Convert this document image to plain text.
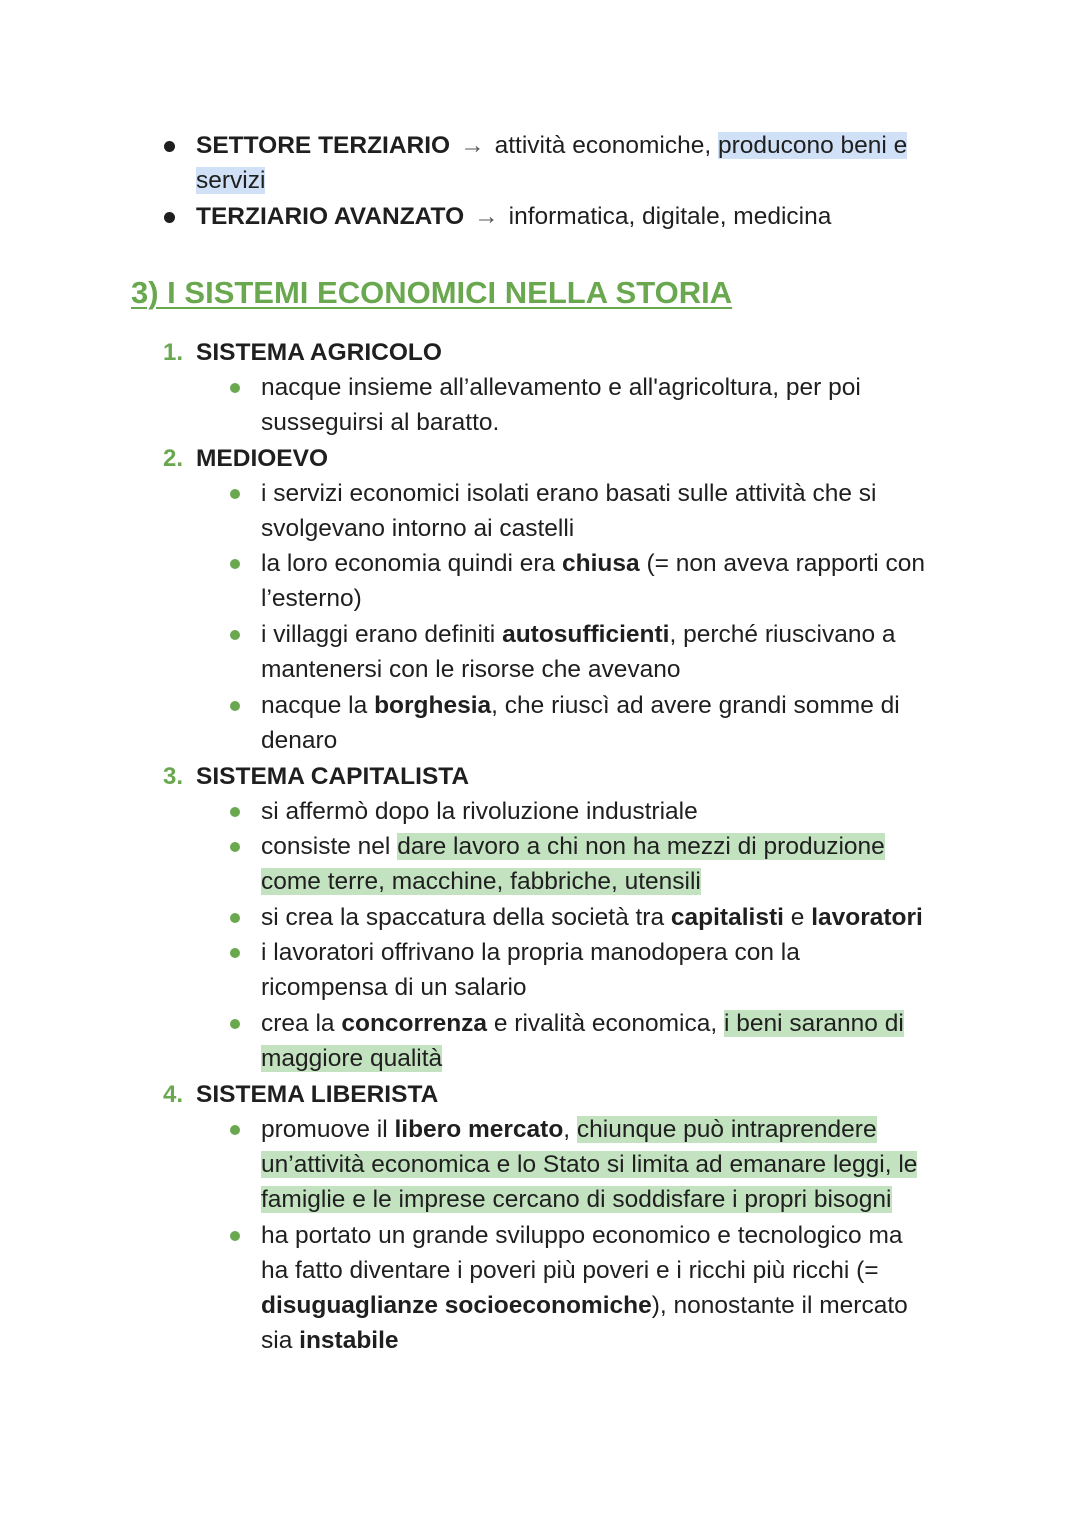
SETTORE TERZIARIO → attività economiche, producono beni e
servizi
TERZIARIO AVANZATO → informatica, digitale, medicina
3) I SISTEMI ECONOMICI NELLA STORIA
1. SISTEMA AGRICOLO
nacque insieme all’allevamento e all'agricoltura, per poi
susseguirsi al baratto.
2. MEDIOEVO
i servizi economici isolati erano basati sulle attività che si
svolgevano intorno ai castelli
la loro economia quindi era chiusa (= non aveva rapporti con
l’esterno)
i villaggi erano definiti autosufficienti, perché riuscivano a
mantenersi con le risorse che avevano
nacque la borghesia, che riuscì ad avere grandi somme di
denaro
3. SISTEMA CAPITALISTA
si affermò dopo la rivoluzione industriale
consiste nel dare lavoro a chi non ha mezzi di produzione
come terre, macchine, fabbriche, utensili
si crea la spaccatura della società tra capitalisti e lavoratori
i lavoratori offrivano la propria manodopera con la
ricompensa di un salario
crea la concorrenza e rivalità economica, i beni saranno di
maggiore qualità
4. SISTEMA LIBERISTA
promuove il libero mercato, chiunque può intraprendere
un’attività economica e lo Stato si limita ad emanare leggi, le
famiglie e le imprese cercano di soddisfare i propri bisogni
ha portato un grande sviluppo economico e tecnologico ma
ha fatto diventare i poveri più poveri e i ricchi più ricchi (=
disuguaglianze socioeconomiche), nonostante il mercato
sia instabile
